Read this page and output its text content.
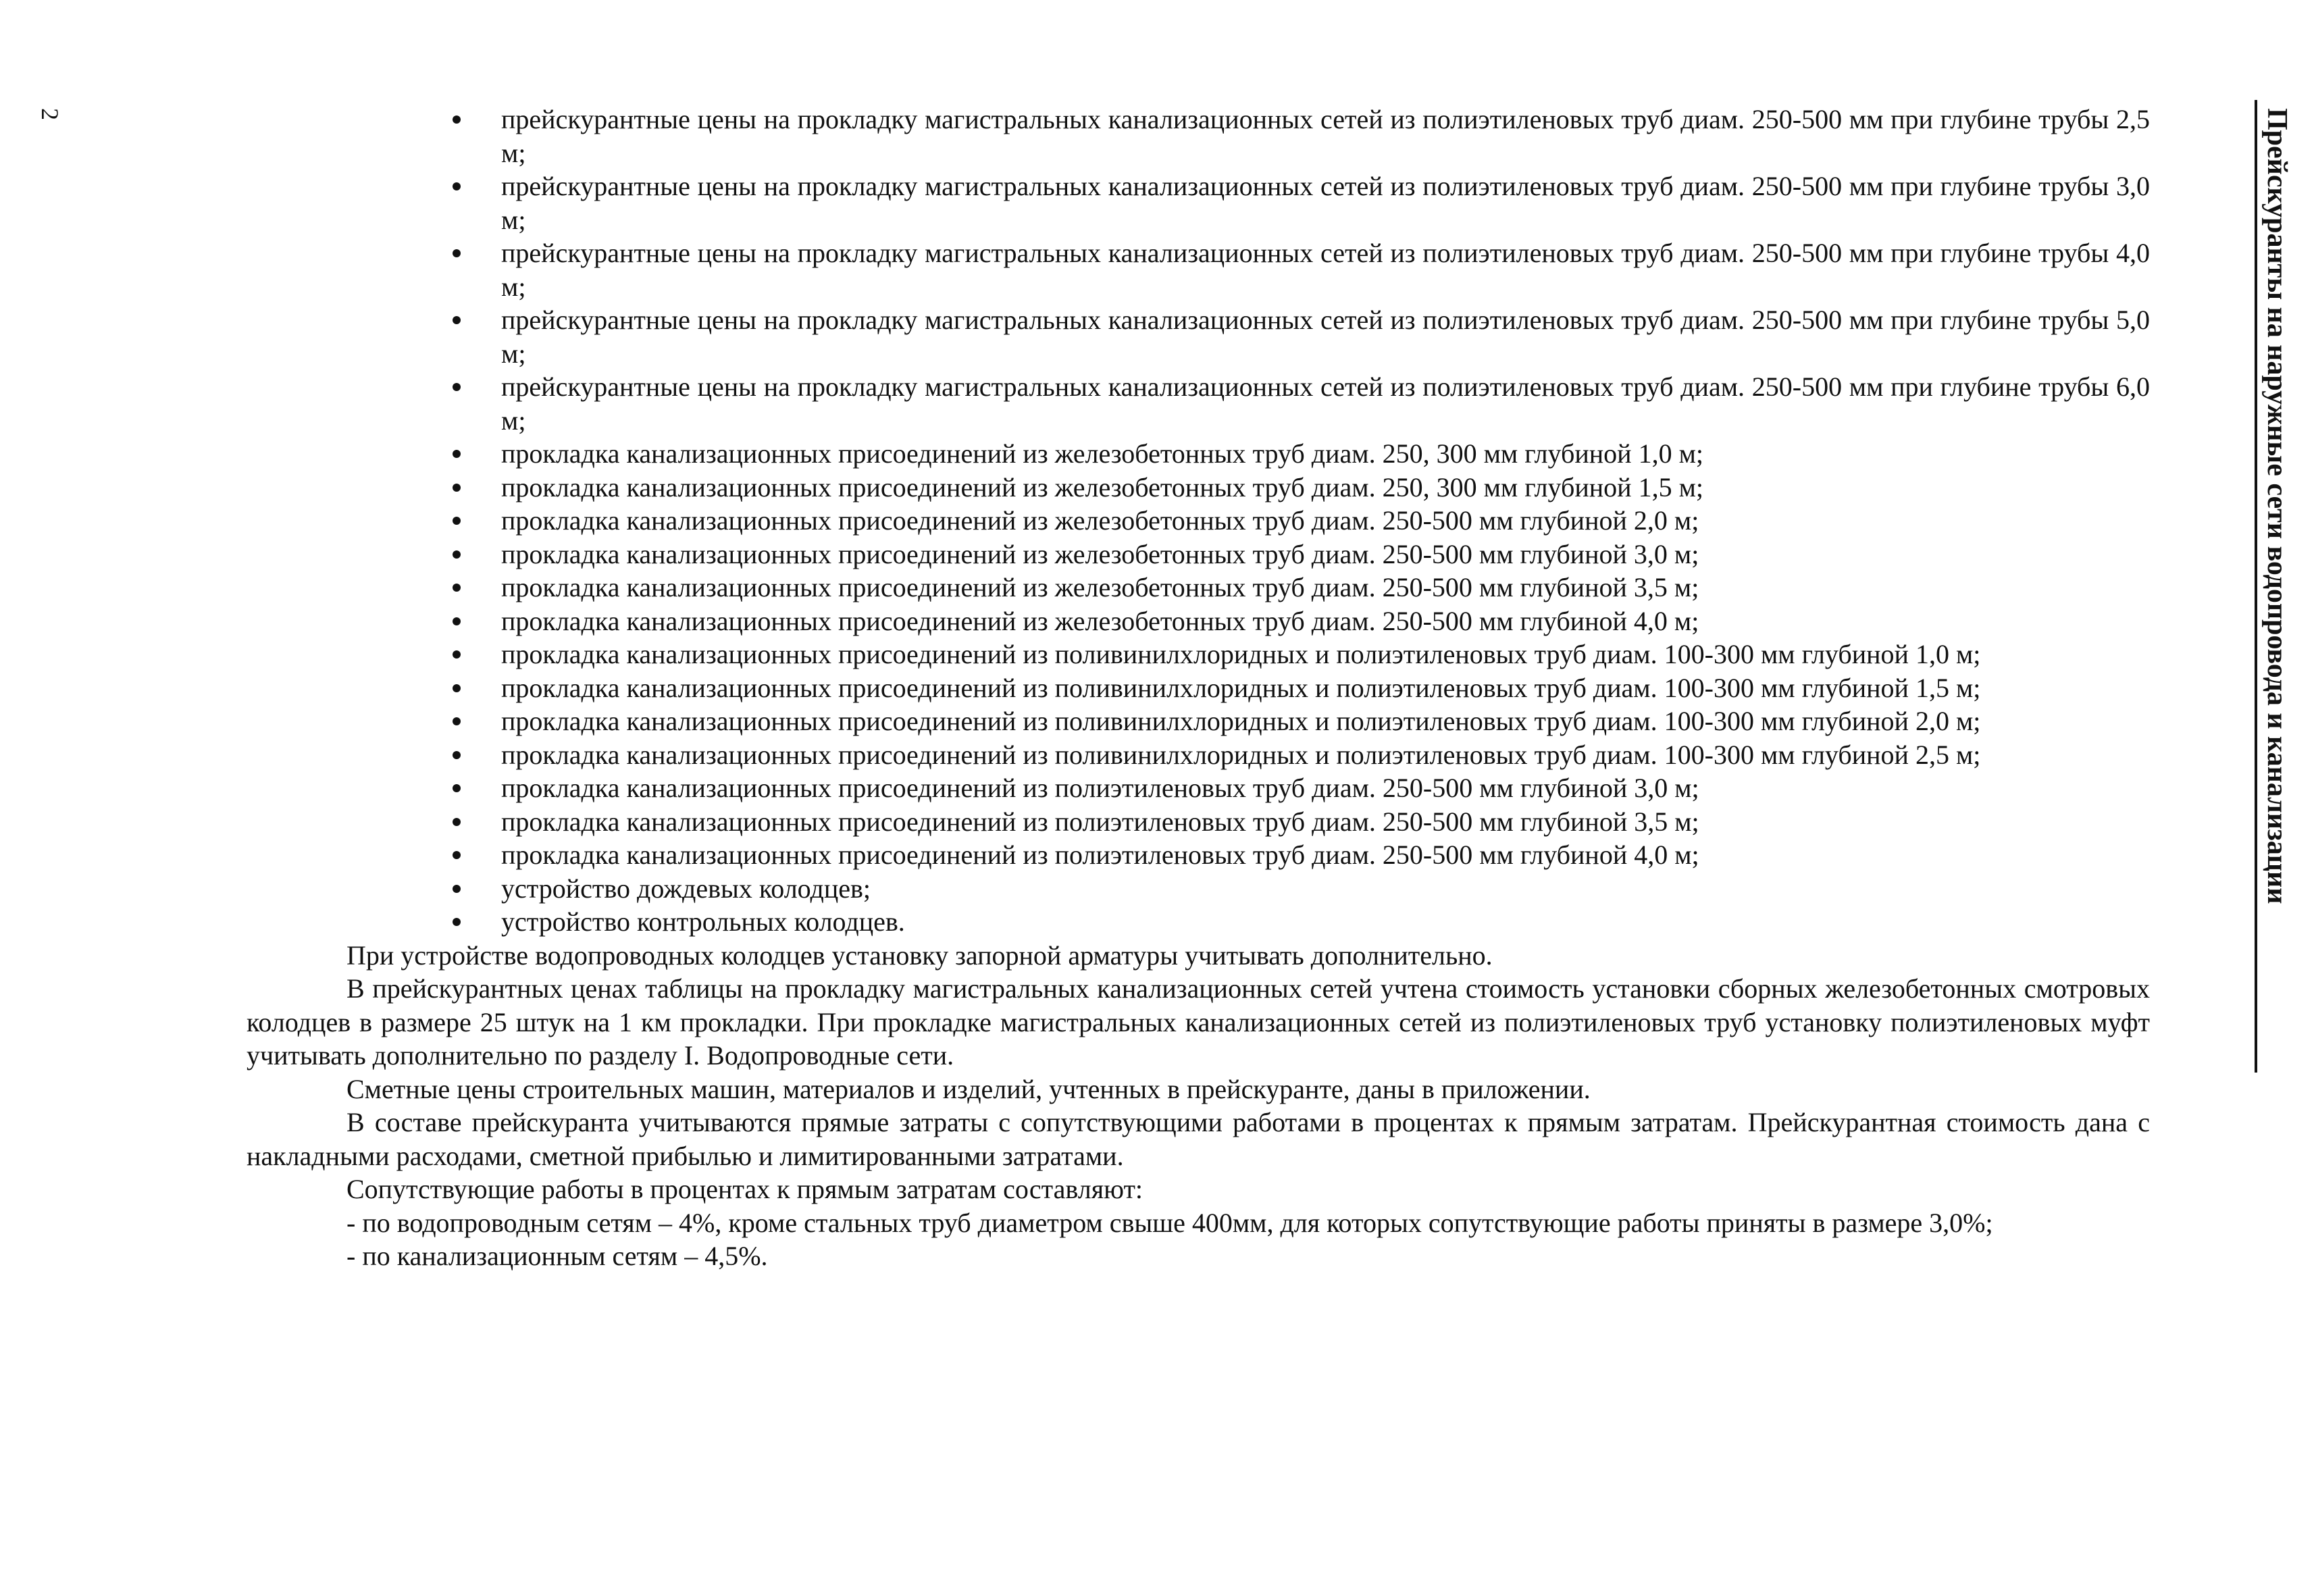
2	Прейскуранты на наружные сети водопровода и канализации
прейскурантные цены на прокладку магистральных канализационных сетей из полиэтиленовых труб диам. 250-500 мм при глубине трубы 2,5 м;
прейскурантные цены на прокладку магистральных канализационных сетей из полиэтиленовых труб диам. 250-500 мм при глубине трубы 3,0 м;
прейскурантные цены на прокладку магистральных канализационных сетей из полиэтиленовых труб диам. 250-500 мм при глубине трубы 4,0 м;
прейскурантные цены на прокладку магистральных канализационных сетей из полиэтиленовых труб диам. 250-500 мм при глубине трубы 5,0 м;
прейскурантные цены на прокладку магистральных канализационных сетей из полиэтиленовых труб диам. 250-500 мм при глубине трубы 6,0 м;
прокладка канализационных присоединений из железобетонных труб диам. 250, 300 мм глубиной 1,0 м;
прокладка канализационных присоединений из железобетонных труб диам. 250, 300 мм глубиной 1,5 м;
прокладка канализационных присоединений из железобетонных труб диам. 250-500 мм глубиной 2,0 м;
прокладка канализационных присоединений из железобетонных труб диам. 250-500 мм глубиной 3,0 м;
прокладка канализационных присоединений из железобетонных труб диам. 250-500 мм глубиной 3,5 м;
прокладка канализационных присоединений из железобетонных труб диам. 250-500 мм глубиной 4,0 м;
прокладка канализационных присоединений из поливинилхлоридных и полиэтиленовых труб диам. 100-300 мм глубиной 1,0 м;
прокладка канализационных присоединений из поливинилхлоридных и полиэтиленовых труб диам. 100-300 мм глубиной 1,5 м;
прокладка канализационных присоединений из поливинилхлоридных и полиэтиленовых труб диам. 100-300 мм глубиной 2,0 м;
прокладка канализационных присоединений из поливинилхлоридных и полиэтиленовых труб диам. 100-300 мм глубиной 2,5 м;
прокладка канализационных присоединений из полиэтиленовых труб диам. 250-500 мм глубиной 3,0 м;
прокладка канализационных присоединений из полиэтиленовых труб диам. 250-500 мм глубиной 3,5 м;
прокладка канализационных присоединений из полиэтиленовых труб диам. 250-500 мм глубиной 4,0 м;
устройство дождевых колодцев;
устройство контрольных колодцев.

При устройстве водопроводных колодцев установку запорной арматуры учитывать дополнительно.

В прейскурантных ценах таблицы на прокладку магистральных канализационных сетей учтена стоимость установки сборных железобетонных смотровых колодцев в размере 25 штук на 1 км прокладки. При прокладке магистральных канализационных сетей из полиэтиленовых труб установку полиэтиленовых муфт учитывать дополнительно по разделу I. Водопроводные сети.

Сметные цены строительных машин, материалов и изделий, учтенных в прейскуранте, даны в приложении.

В составе прейскуранта учитываются прямые затраты с сопутствующими работами в процентах к прямым затратам. Прейскурантная стоимость дана с накладными расходами, сметной прибылью и лимитированными затратами.

Сопутствующие работы в процентах к прямым затратам составляют:

- по водопроводным сетям – 4%, кроме стальных труб диаметром свыше 400мм, для которых сопутствующие работы приняты в размере 3,0%;

- по канализационным сетям – 4,5%.
